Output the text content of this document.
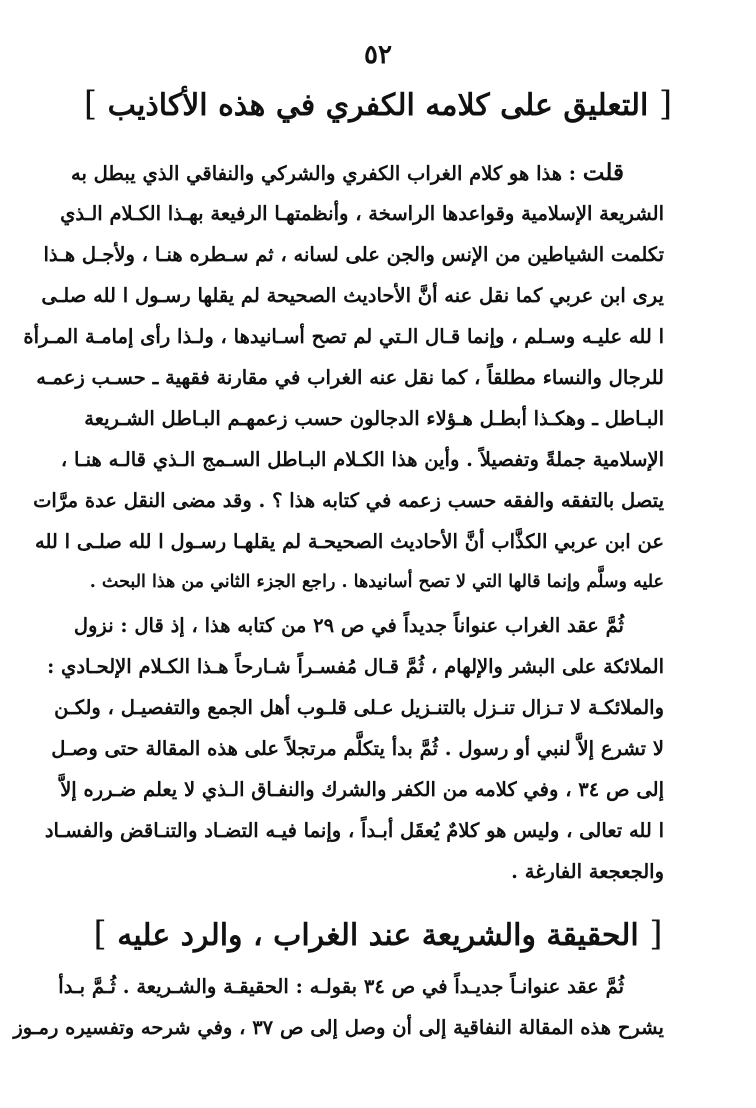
٥٢
[ التعليق على كلامه الكفري في هذه الأكاذيب ]
قلت : هذا هو كلام الغراب الكفري والشركي والنفاقي الذي يبطل به
الشريعة الإسلامية وقواعدها الراسخة ، وأنظمتهـا الرفيعة بهـذا الكـلام الـذي
تكلمت الشياطين من الإنس والجن على لسانه ، ثم سـطره هنـا ، ولأجـل هـذا
يرى ابن عربي كما نقل عنه أنَّ الأحاديث الصحيحة لم يقلها رسـول ا لله صلـى
ا لله عليـه وسـلم ، وإنما قـال الـتي لم تصح أسـانيدها ، ولـذا رأى إمامـة المـرأة
للرجال والنساء مطلقاً ، كما نقل عنه الغراب في مقارنة فقهية ـ حسـب زعمـه
البـاطل ـ وهكـذا أبطـل هـؤلاء الدجالون حسب زعمهـم البـاطل الشـريعة
الإسلامية جملةً وتفصيلاً . وأين هذا الكـلام البـاطل السـمج الـذي قالـه هنـا ،
يتصل بالتفقه والفقه حسب زعمه في كتابه هذا ؟ . وقد مضى النقل عدة مرَّات
عن ابن عربي الكذَّاب أنَّ الأحاديث الصحيحـة لم يقلهـا رسـول ا لله صلـى ا لله
عليه وسلَّم وإنما قالها التي لا تصح أسانيدها . راجع الجزء الثاني من هذا البحث .
ثُمَّ عقد الغراب عنواناً جديداً في ص ٢٩ من كتابه هذا ، إذ قال : نزول
الملائكة على البشر والإلهام ، ثُمَّ قـال مُفسـراً شـارحاً هـذا الكـلام الإلحـادي :
والملائكـة لا تـزال تنـزل بالتنـزيل عـلى قلـوب أهل الجمع والتفصيـل ، ولكـن
لا تشرع إلاَّ لنبي أو رسول . ثُمَّ بدأ يتكلَّم مرتجلاً على هذه المقالة حتى وصـل
إلى ص ٣٤ ، وفي كلامه من الكفر والشرك والنفـاق الـذي لا يعلم ضـرره إلاَّ
ا لله تعالى ، وليس هو كلامٌ يُعقَل أبـداً ، وإنما فيـه التضـاد والتنـاقض والفسـاد
والجعجعة الفارغة .
[ الحقيقة والشريعة عند الغراب ، والرد عليه ]
ثُمَّ عقد عنوانـاً جديـداً في ص ٣٤ بقولـه : الحقيقـة والشـريعة . ثُـمَّ بـدأ
يشرح هذه المقالة النفاقية إلى أن وصل إلى ص ٣٧ ، وفي شرحه وتفسيره رمـوز
